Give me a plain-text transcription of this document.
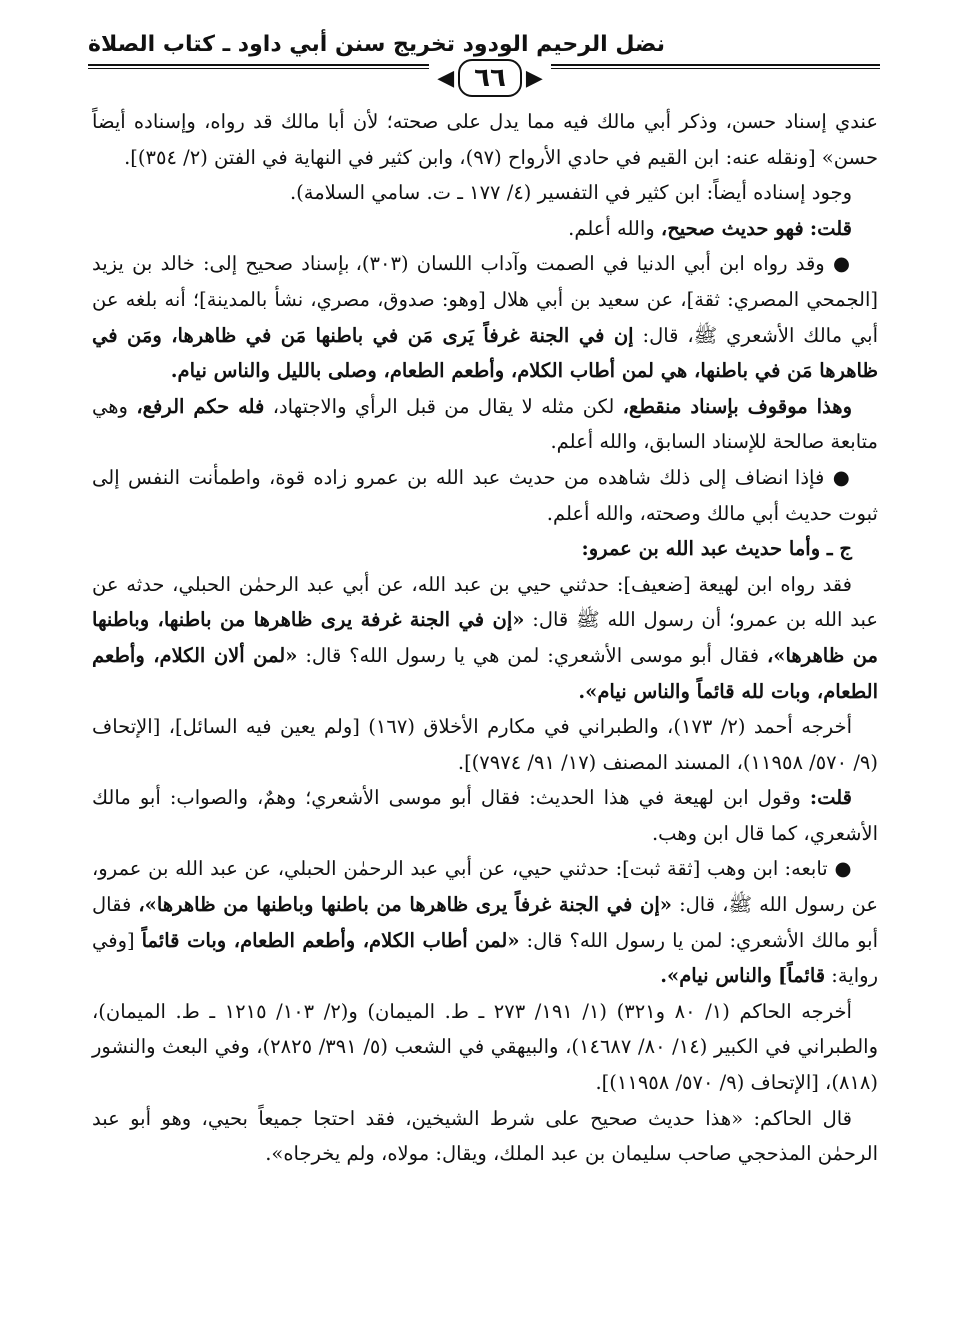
نضل الرحيم الودود تخريج سنن أبي داود ـ كتاب الصلاة
◀ ٦٦ ▶

عندي إسناد حسن، وذكر أبي مالك فيه مما يدل على صحته؛ لأن أبا مالك قد رواه، وإسناده أيضاً حسن» [ونقله عنه: ابن القيم في حادي الأرواح (٩٧)، وابن كثير في النهاية في الفتن (٢/ ٣٥٤)].

وجود إسناده أيضاً: ابن كثير في التفسير (٤/ ١٧٧ ـ ت. سامي السلامة).

قلت: فهو حديث صحيح، والله أعلم.

● وقد رواه ابن أبي الدنيا في الصمت وآداب اللسان (٣٠٣)، بإسناد صحيح إلى: خالد بن يزيد [الجمحي المصري: ثقة]، عن سعيد بن أبي هلال [وهو: صدوق، مصري، نشأ بالمدينة]؛ أنه بلغه عن أبي مالك الأشعري ﷺ، قال: إن في الجنة غرفاً يَرى مَن في باطنها مَن في ظاهرها، ومَن في ظاهرها مَن في باطنها، هي لمن أطاب الكلام، وأطعم الطعام، وصلى بالليل والناس نيام.

وهذا موقوف بإسناد منقطع، لكن مثله لا يقال من قبل الرأي والاجتهاد، فله حكم الرفع، وهي متابعة صالحة للإسناد السابق، والله أعلم.

● فإذا انضاف إلى ذلك شاهده من حديث عبد الله بن عمرو زاده قوة، واطمأنت النفس إلى ثبوت حديث أبي مالك وصحته، والله أعلم.

ج ـ وأما حديث عبد الله بن عمرو:

فقد رواه ابن لهيعة [ضعيف]: حدثني حيي بن عبد الله، عن أبي عبد الرحمٰن الحبلي، حدثه عن عبد الله بن عمرو؛ أن رسول الله ﷺ قال: «إن في الجنة غرفة يرى ظاهرها من باطنها، وباطنها من ظاهرها»، فقال أبو موسى الأشعري: لمن هي يا رسول الله؟ قال: «لمن ألان الكلام، وأطعم الطعام، وبات لله قائماً والناس نيام».

أخرجه أحمد (٢/ ١٧٣)، والطبراني في مكارم الأخلاق (١٦٧) [ولم يعين فيه السائل]، [الإتحاف (٩/ ٥٧٠/ ١١٩٥٨)، المسند المصنف (١٧/ ٩١/ ٧٩٧٤)].

قلت: وقول ابن لهيعة في هذا الحديث: فقال أبو موسى الأشعري؛ وهمٌ، والصواب: أبو مالك الأشعري، كما قال ابن وهب.

● تابعه: ابن وهب [ثقة ثبت]: حدثني حيي، عن أبي عبد الرحمٰن الحبلي، عن عبد الله بن عمرو، عن رسول الله ﷺ، قال: «إن في الجنة غرفاً يرى ظاهرها من باطنها وباطنها من ظاهرها»، فقال أبو مالك الأشعري: لمن يا رسول الله؟ قال: «لمن أطاب الكلام، وأطعم الطعام، وبات قائماً [وفي رواية: قائماً] والناس نيام».

أخرجه الحاكم (١/ ٨٠ و٣٢١) (١/ ١٩١/ ٢٧٣ ـ ط. الميمان) و(٢/ ١٠٣/ ١٢١٥ ـ ط. الميمان)، والطبراني في الكبير (١٤/ ٨٠/ ١٤٦٨٧)، والبيهقي في الشعب (٥/ ٣٩١/ ٢٨٢٥)، وفي البعث والنشور (٨١٨)، [الإتحاف (٩/ ٥٧٠/ ١١٩٥٨)].

قال الحاكم: «هذا حديث صحيح على شرط الشيخين، فقد احتجا جميعاً بحيي، وهو أبو عبد الرحمٰن المذحجي صاحب سليمان بن عبد الملك، ويقال: مولاه، ولم يخرجاه».
